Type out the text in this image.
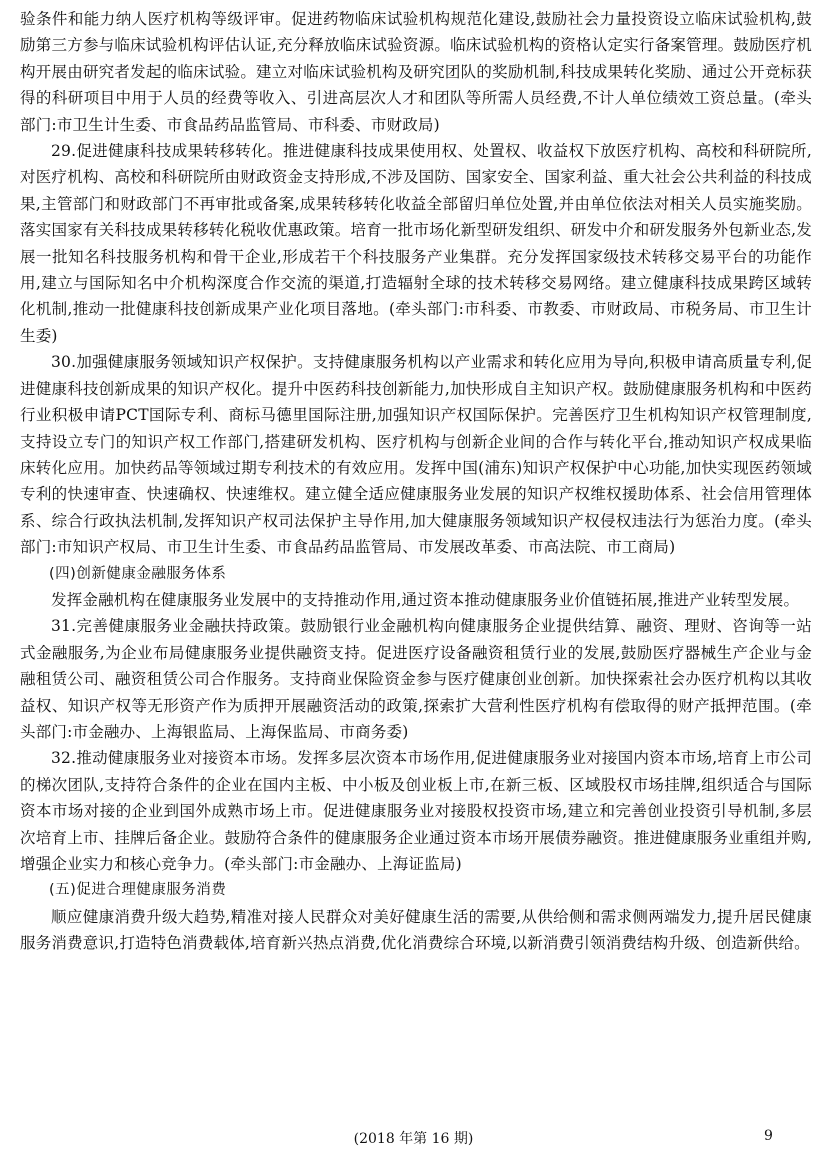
验条件和能力纳人医疗机构等级评审。促进药物临床试验机构规范化建设,鼓励社会力量投资设立临床试验机构,鼓励第三方参与临床试验机构评估认证,充分释放临床试验资源。临床试验机构的资格认定实行备案管理。鼓励医疗机构开展由研究者发起的临床试验。建立对临床试验机构及研究团队的奖励机制,科技成果转化奖励、通过公开竞标获得的科研项目中用于人员的经费等收入、引进高层次人才和团队等所需人员经费,不计人单位绩效工资总量。(牵头部门:市卫生计生委、市食品药品监管局、市科委、市财政局)

29.促进健康科技成果转移转化。推进健康科技成果使用权、处置权、收益权下放医疗机构、高校和科研院所,对医疗机构、高校和科研院所由财政资金支持形成,不涉及国防、国家安全、国家利益、重大社会公共利益的科技成果,主管部门和财政部门不再审批或备案,成果转移转化收益全部留归单位处置,并由单位依法对相关人员实施奖励。落实国家有关科技成果转移转化税收优惠政策。培育一批市场化新型研发组织、研发中介和研发服务外包新业态,发展一批知名科技服务机构和骨干企业,形成若干个科技服务产业集群。充分发挥国家级技术转移交易平台的功能作用,建立与国际知名中介机构深度合作交流的渠道,打造辐射全球的技术转移交易网络。建立健康科技成果跨区域转化机制,推动一批健康科技创新成果产业化项目落地。(牵头部门:市科委、市教委、市财政局、市税务局、市卫生计生委)

30.加强健康服务领域知识产权保护。支持健康服务机构以产业需求和转化应用为导向,积极申请高质量专利,促进健康科技创新成果的知识产权化。提升中医药科技创新能力,加快形成自主知识产权。鼓励健康服务机构和中医药行业积极申请PCT国际专利、商标马德里国际注册,加强知识产权国际保护。完善医疗卫生机构知识产权管理制度,支持设立专门的知识产权工作部门,搭建研发机构、医疗机构与创新企业间的合作与转化平台,推动知识产权成果临床转化应用。加快药品等领域过期专利技术的有效应用。发挥中国(浦东)知识产权保护中心功能,加快实现医药领域专利的快速审查、快速确权、快速维权。建立健全适应健康服务业发展的知识产权维权援助体系、社会信用管理体系、综合行政执法机制,发挥知识产权司法保护主导作用,加大健康服务领域知识产权侵权违法行为惩治力度。(牵头部门:市知识产权局、市卫生计生委、市食品药品监管局、市发展改革委、市高法院、市工商局)

(四)创新健康金融服务体系

发挥金融机构在健康服务业发展中的支持推动作用,通过资本推动健康服务业价值链拓展,推进产业转型发展。

31.完善健康服务业金融扶持政策。鼓励银行业金融机构向健康服务企业提供结算、融资、理财、咨询等一站式金融服务,为企业布局健康服务业提供融资支持。促进医疗设备融资租赁行业的发展,鼓励医疗器械生产企业与金融租赁公司、融资租赁公司合作服务。支持商业保险资金参与医疗健康创业创新。加快探索社会办医疗机构以其收益权、知识产权等无形资产作为质押开展融资活动的政策,探索扩大营利性医疗机构有偿取得的财产抵押范围。(牵头部门:市金融办、上海银监局、上海保监局、市商务委)

32.推动健康服务业对接资本市场。发挥多层次资本市场作用,促进健康服务业对接国内资本市场,培育上市公司的梯次团队,支持符合条件的企业在国内主板、中小板及创业板上市,在新三板、区域股权市场挂牌,组织适合与国际资本市场对接的企业到国外成熟市场上市。促进健康服务业对接股权投资市场,建立和完善创业投资引导机制,多层次培育上市、挂牌后备企业。鼓励符合条件的健康服务企业通过资本市场开展债券融资。推进健康服务业重组并购,增强企业实力和核心竞争力。(牵头部门:市金融办、上海证监局)

(五)促进合理健康服务消费

顺应健康消费升级大趋势,精准对接人民群众对美好健康生活的需要,从供给侧和需求侧两端发力,提升居民健康服务消费意识,打造特色消费载体,培育新兴热点消费,优化消费综合环境,以新消费引领消费结构升级、创造新供给。

(2018 年第 16 期)	9
